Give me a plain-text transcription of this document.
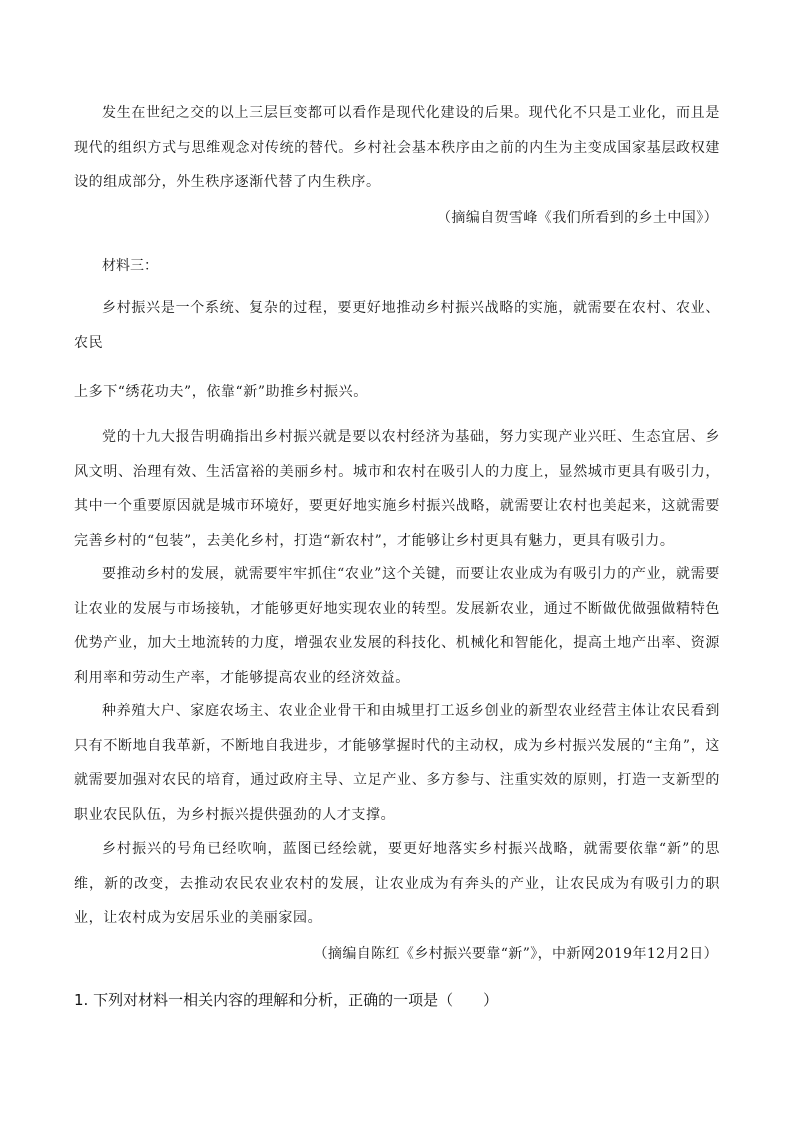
发生在世纪之交的以上三层巨变都可以看作是现代化建设的后果。现代化不只是工业化，而且是现代的组织方式与思维观念对传统的替代。乡村社会基本秩序由之前的内生为主变成国家基层政权建设的组成部分，外生秩序逐渐代替了内生秩序。

（摘编自贺雪峰《我们所看到的乡土中国》）

材料三：

乡村振兴是一个系统、复杂的过程，要更好地推动乡村振兴战略的实施，就需要在农村、农业、农民

上多下“绣花功夫”，依靠“新”助推乡村振兴。

党的十九大报告明确指出乡村振兴就是要以农村经济为基础，努力实现产业兴旺、生态宜居、乡风文明、治理有效、生活富裕的美丽乡村。城市和农村在吸引人的力度上，显然城市更具有吸引力，其中一个重要原因就是城市环境好，要更好地实施乡村振兴战略，就需要让农村也美起来，这就需要完善乡村的“包装”，去美化乡村，打造“新农村”，才能够让乡村更具有魅力，更具有吸引力。

要推动乡村的发展，就需要牢牢抓住“农业”这个关键，而要让农业成为有吸引力的产业，就需要让农业的发展与市场接轨，才能够更好地实现农业的转型。发展新农业，通过不断做优做强做精特色优势产业，加大土地流转的力度，增强农业发展的科技化、机械化和智能化，提高土地产出率、资源利用率和劳动生产率，才能够提高农业的经济效益。

种养殖大户、家庭农场主、农业企业骨干和由城里打工返乡创业的新型农业经营主体让农民看到只有不断地自我革新，不断地自我进步，才能够掌握时代的主动权，成为乡村振兴发展的“主角”，这就需要加强对农民的培育，通过政府主导、立足产业、多方参与、注重实效的原则，打造一支新型的职业农民队伍，为乡村振兴提供强劲的人才支撑。

乡村振兴的号角已经吹响，蓝图已经绘就，要更好地落实乡村振兴战略，就需要依靠“新”的思维，新的改变，去推动农民农业农村的发展，让农业成为有奔头的产业，让农民成为有吸引力的职业，让农村成为安居乐业的美丽家园。

（摘编自陈红《乡村振兴要靠“新”》，中新网2019年12月2日）

1. 下列对材料一相关内容的理解和分析，正确的一项是（　　）
